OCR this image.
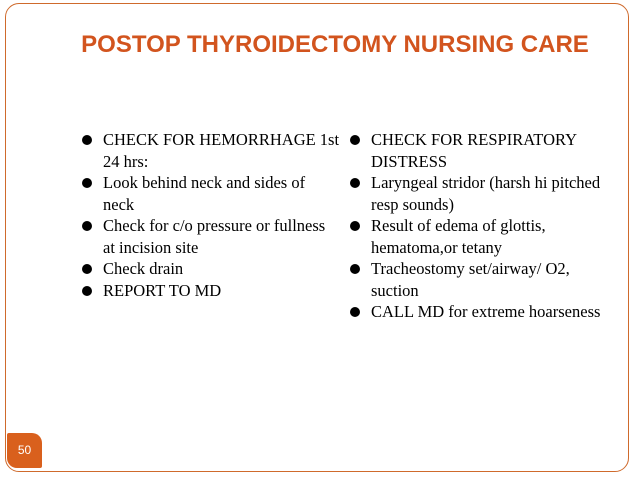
POSTOP THYROIDECTOMY NURSING CARE
CHECK FOR HEMORRHAGE 1st 24 hrs:
Look behind neck and sides of neck
Check for c/o pressure or fullness at incision site
Check drain
REPORT TO MD
CHECK FOR RESPIRATORY DISTRESS
Laryngeal stridor (harsh hi pitched resp sounds)
Result of edema of glottis, hematoma,or tetany
Tracheostomy set/airway/ O2, suction
CALL MD for extreme hoarseness
50
